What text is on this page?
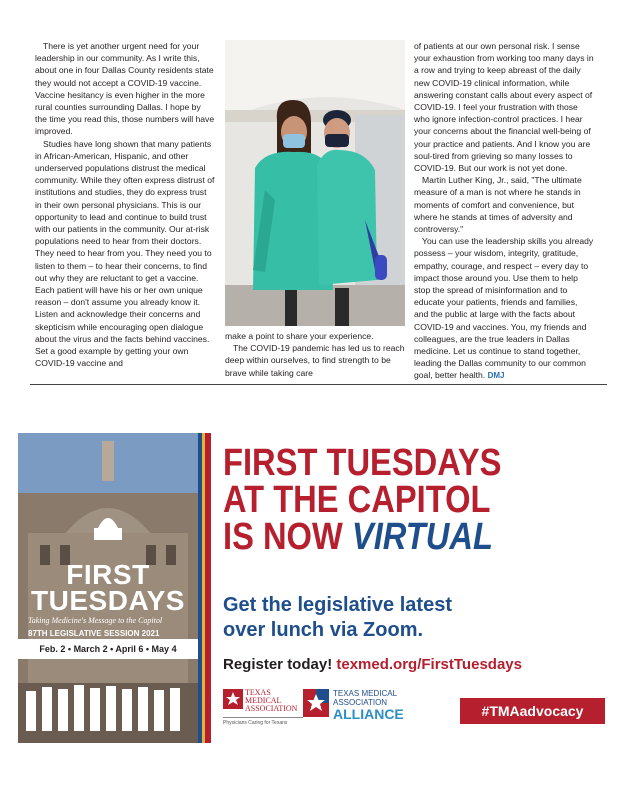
There is yet another urgent need for your leadership in our community. As I write this, about one in four Dallas County residents state they would not accept a COVID-19 vaccine. Vaccine hesitancy is even higher in the more rural counties surrounding Dallas. I hope by the time you read this, those numbers will have improved.

Studies have long shown that many patients in African-American, Hispanic, and other underserved populations distrust the medical community. While they often express distrust of institutions and studies, they do express trust in their own personal physicians. This is our opportunity to lead and continue to build trust with our patients in the community. Our at-risk populations need to hear from their doctors. They need to hear from you. They need you to listen to them – to hear their concerns, to find out why they are reluctant to get a vaccine. Each patient will have his or her own unique reason – don't assume you already know it. Listen and acknowledge their concerns and skepticism while encouraging open dialogue about the virus and the facts behind vaccines. Set a good example by getting your own COVID-19 vaccine and

make a point to share your experience.

The COVID-19 pandemic has led us to reach deep within ourselves, to find strength to be brave while taking care

of patients at our own personal risk. I sense your exhaustion from working too many days in a row and trying to keep abreast of the daily new COVID-19 clinical information, while answering constant calls about every aspect of COVID-19. I feel your frustration with those who ignore infection-control practices. I hear your concerns about the financial well-being of your practice and patients. And I know you are soul-tired from grieving so many losses to COVID-19. But our work is not yet done.

Martin Luther King, Jr., said, "The ultimate measure of a man is not where he stands in moments of comfort and convenience, but where he stands at times of adversity and controversy."

You can use the leadership skills you already possess – your wisdom, integrity, gratitude, empathy, courage, and respect – every day to impact those around you. Use them to help stop the spread of misinformation and to educate your patients, friends and families, and the public at large with the facts about COVID-19 and vaccines. You, my friends and colleagues, are the true leaders in Dallas medicine. Let us continue to stand together, leading the Dallas community to our common goal, better health. DMJ

FIRST
TUESDAYS
Taking Medicine's Message to the Capitol
87TH LEGISLATIVE SESSION 2021
Feb. 2 • March 2 • April 6 • May 4
FIRST TUESDAYS
AT THE CAPITOL
IS NOW VIRTUAL
Get the legislative latest
over lunch via Zoom.
Register today! texmed.org/FirstTuesdays
TEXAS MEDICAL
ASSOCIATION
Physicians Caring for Texans
TEXAS MEDICAL
ASSOCIATION
ALLIANCE	#TMAadvocacy
